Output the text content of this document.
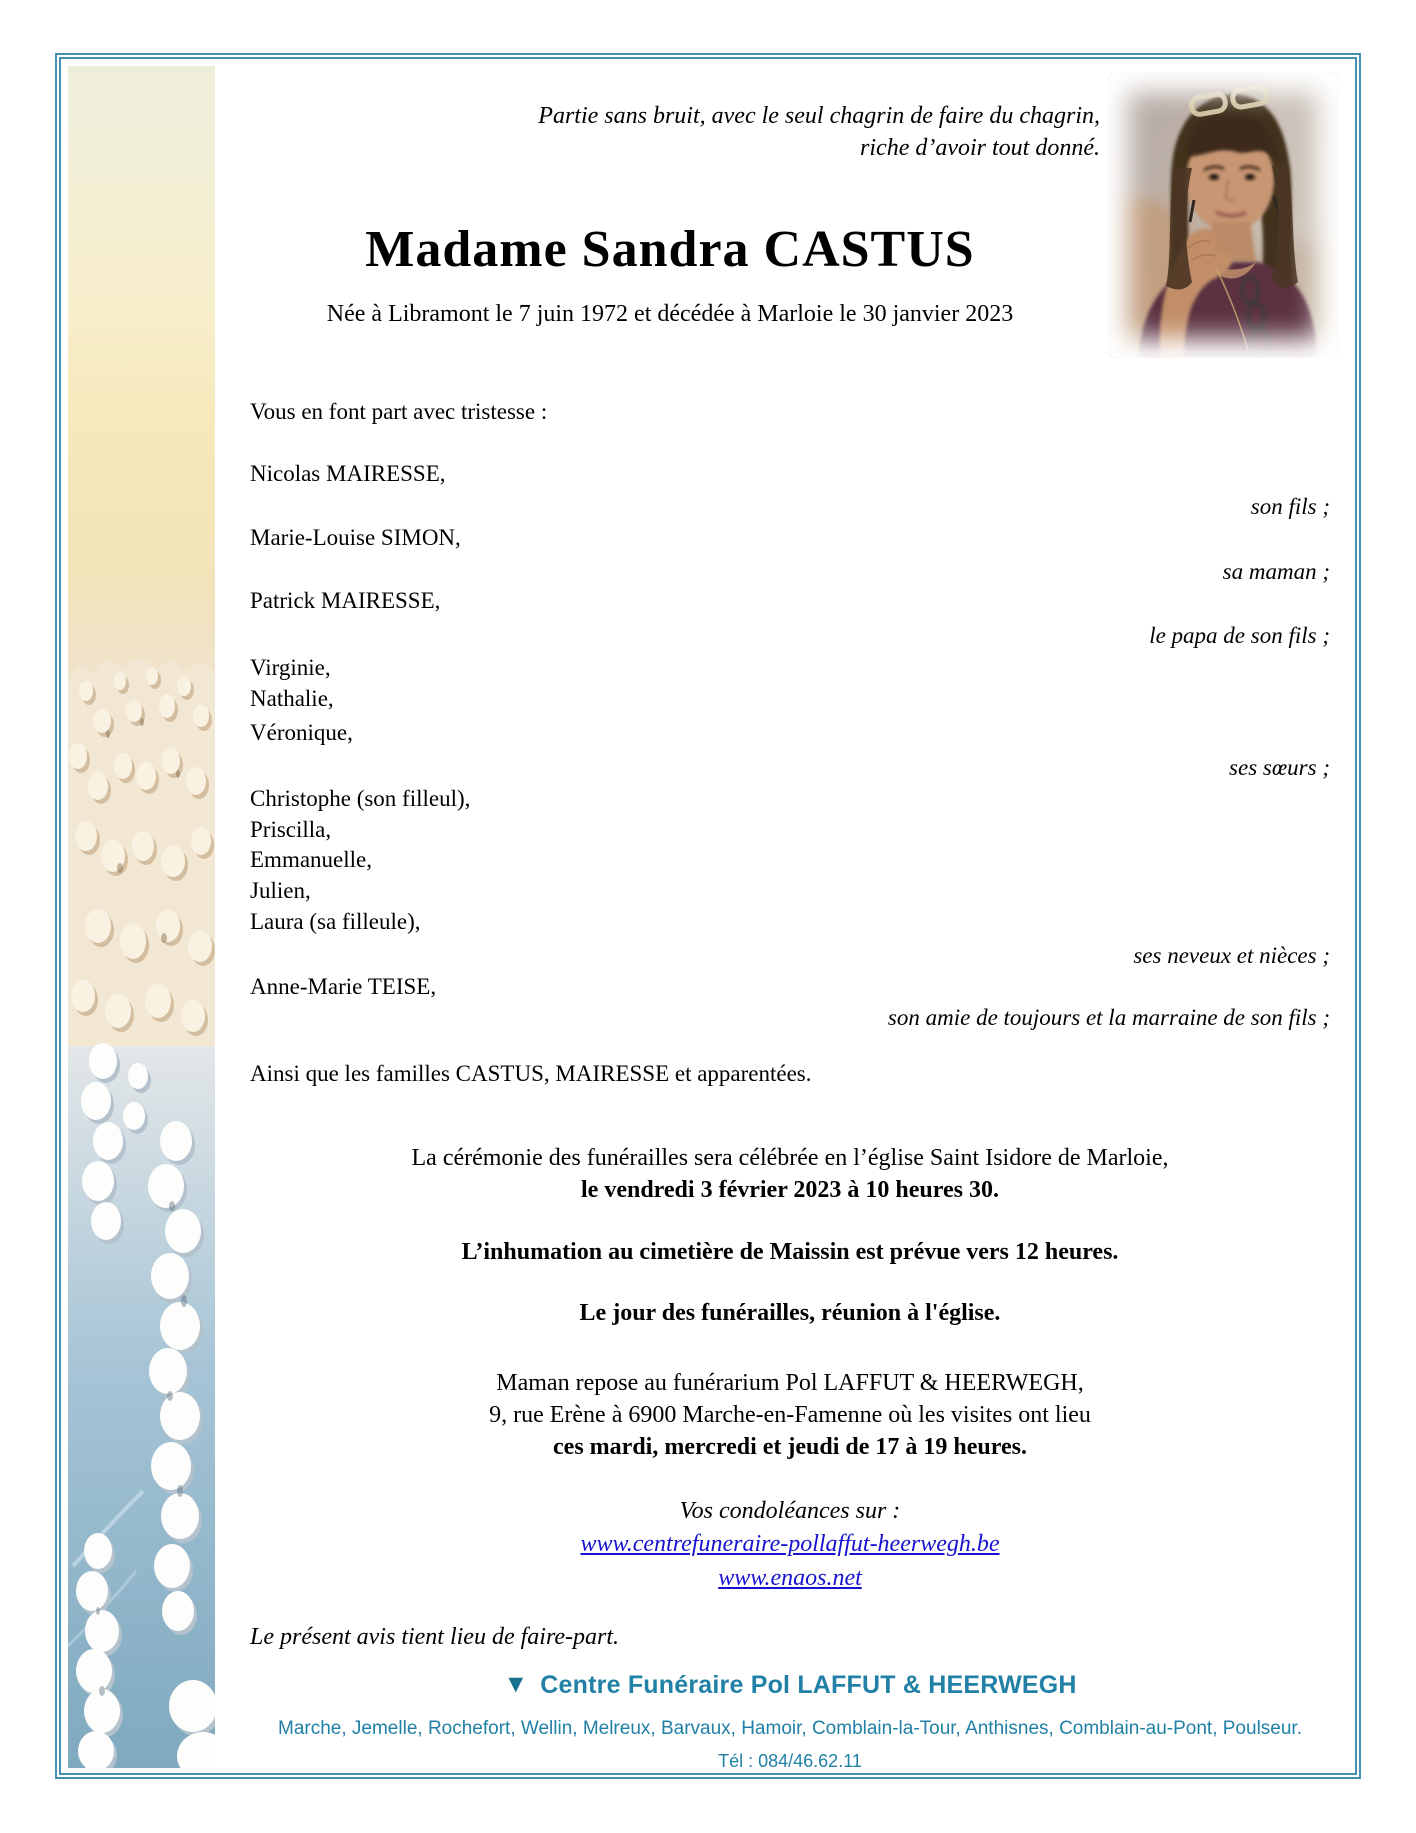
Partie sans bruit, avec le seul chagrin de faire du chagrin,
riche d’avoir tout donné.
Madame Sandra CASTUS
Née à Libramont le 7 juin 1972 et décédée à Marloie le 30 janvier 2023
Vous en font part avec tristesse :
Nicolas MAIRESSE,
son fils ;
Marie-Louise SIMON,
sa maman ;
Patrick MAIRESSE,
le papa de son fils ;
Virginie,
Nathalie,
Véronique,
ses sœurs ;
Christophe (son filleul),
Priscilla,
Emmanuelle,
Julien,
Laura (sa filleule),
ses neveux et nièces ;
Anne-Marie TEISE,
son amie de toujours et la marraine de son fils ;
Ainsi que les familles CASTUS, MAIRESSE et apparentées.
La cérémonie des funérailles sera célébrée en l’église Saint Isidore de Marloie,
le vendredi 3 février 2023 à 10 heures 30.
L’inhumation au cimetière de Maissin est prévue vers 12 heures.
Le jour des funérailles, réunion à l'église.
Maman repose au funérarium Pol LAFFUT & HEERWEGH,
9, rue Erène à 6900 Marche-en-Famenne où les visites ont lieu
ces mardi, mercredi et jeudi de 17 à 19 heures.
Vos condoléances sur :
www.centrefuneraire-pollaffut-heerwegh.be
www.enaos.net
Le présent avis tient lieu de faire-part.
▼ Centre Funéraire Pol LAFFUT & HEERWEGH
Marche, Jemelle, Rochefort, Wellin, Melreux, Barvaux, Hamoir, Comblain-la-Tour, Anthisnes, Comblain-au-Pont, Poulseur.
Tél : 084/46.62.11
